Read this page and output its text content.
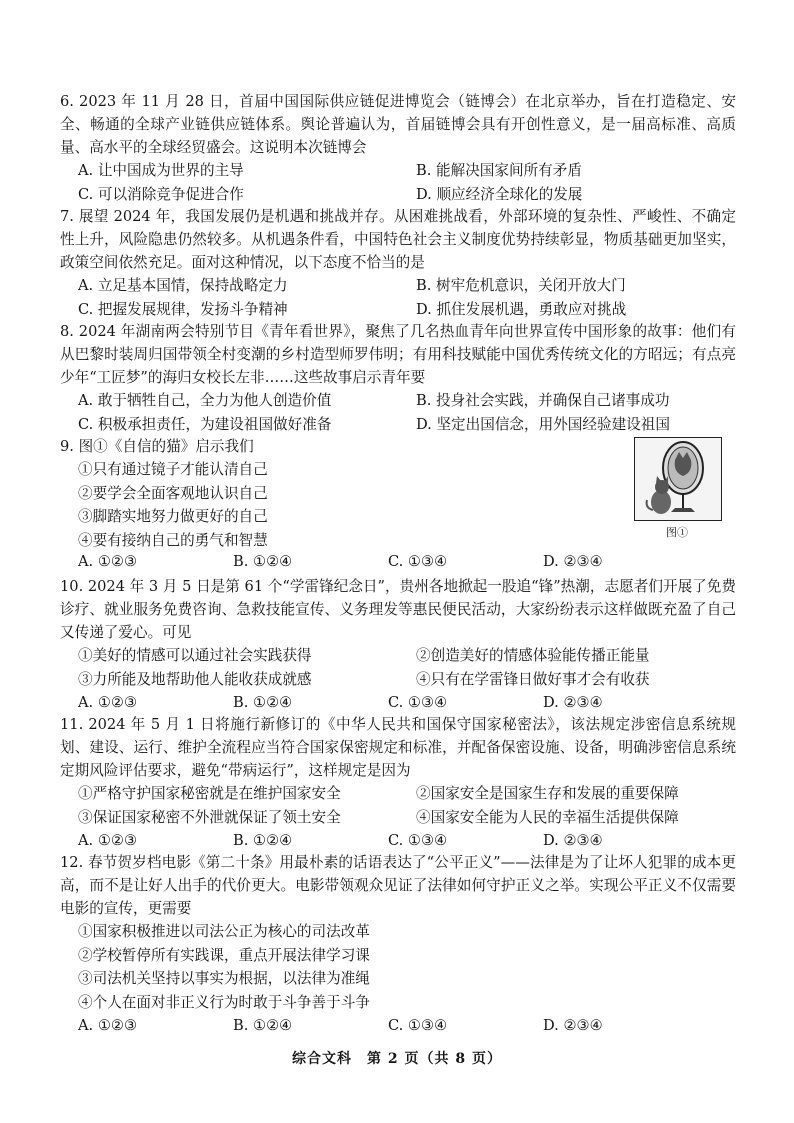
6. 2023 年 11 月 28 日，首届中国国际供应链促进博览会（链博会）在北京举办，旨在打造稳定、安全、畅通的全球产业链供应链体系。舆论普遍认为，首届链博会具有开创性意义，是一届高标准、高质量、高水平的全球经贸盛会。这说明本次链博会

A. 让中国成为世界的主导	B. 能解决国家间所有矛盾
C. 可以消除竞争促进合作	D. 顺应经济全球化的发展

7. 展望 2024 年，我国发展仍是机遇和挑战并存。从困难挑战看，外部环境的复杂性、严峻性、不确定性上升，风险隐患仍然较多。从机遇条件看，中国特色社会主义制度优势持续彰显，物质基础更加坚实，政策空间依然充足。面对这种情况，以下态度不恰当的是

A. 立足基本国情，保持战略定力	B. 树牢危机意识，关闭开放大门
C. 把握发展规律，发扬斗争精神	D. 抓住发展机遇，勇敢应对挑战

8. 2024 年湖南两会特别节目《青年看世界》，聚焦了几名热血青年向世界宣传中国形象的故事：他们有从巴黎时装周归国带领全村变潮的乡村造型师罗伟明；有用科技赋能中国优秀传统文化的方昭远；有点亮少年“工匠梦”的海归女校长左非……这些故事启示青年要

A. 敢于牺牲自己，全力为他人创造价值	B. 投身社会实践，并确保自己诸事成功
C. 积极承担责任，为建设祖国做好准备	D. 坚定出国信念，用外国经验建设祖国

9. 图①《自信的猫》启示我们

①只有通过镜子才能认清自己
②要学会全面客观地认识自己
③脚踏实地努力做更好的自己
④要有接纳自己的勇气和智慧
A. ①②③	B. ①②④	C. ①③④	D. ②③④
图①

10. 2024 年 3 月 5 日是第 61 个“学雷锋纪念日”，贵州各地掀起一股追“锋”热潮，志愿者们开展了免费诊疗、就业服务免费咨询、急救技能宣传、义务理发等惠民便民活动，大家纷纷表示这样做既充盈了自己又传递了爱心。可见

①美好的情感可以通过社会实践获得	②创造美好的情感体验能传播正能量
③力所能及地帮助他人能收获成就感	④只有在学雷锋日做好事才会有收获
A. ①②③	B. ①②④	C. ①③④	D. ②③④

11. 2024 年 5 月 1 日将施行新修订的《中华人民共和国保守国家秘密法》，该法规定涉密信息系统规划、建设、运行、维护全流程应当符合国家保密规定和标准，并配备保密设施、设备，明确涉密信息系统定期风险评估要求，避免“带病运行”，这样规定是因为

①严格守护国家秘密就是在维护国家安全	②国家安全是国家生存和发展的重要保障
③保证国家秘密不外泄就保证了领土安全	④国家安全能为人民的幸福生活提供保障
A. ①②③	B. ①②④	C. ①③④	D. ②③④

12. 春节贺岁档电影《第二十条》用最朴素的话语表达了“公平正义”——法律是为了让坏人犯罪的成本更高，而不是让好人出手的代价更大。电影带领观众见证了法律如何守护正义之举。实现公平正义不仅需要电影的宣传，更需要

①国家积极推进以司法公正为核心的司法改革
②学校暂停所有实践课，重点开展法律学习课
③司法机关坚持以事实为根据，以法律为准绳
④个人在面对非正义行为时敢于斗争善于斗争
A. ①②③	B. ①②④	C. ①③④	D. ②③④
综合文科　第 2 页（共 8 页）
